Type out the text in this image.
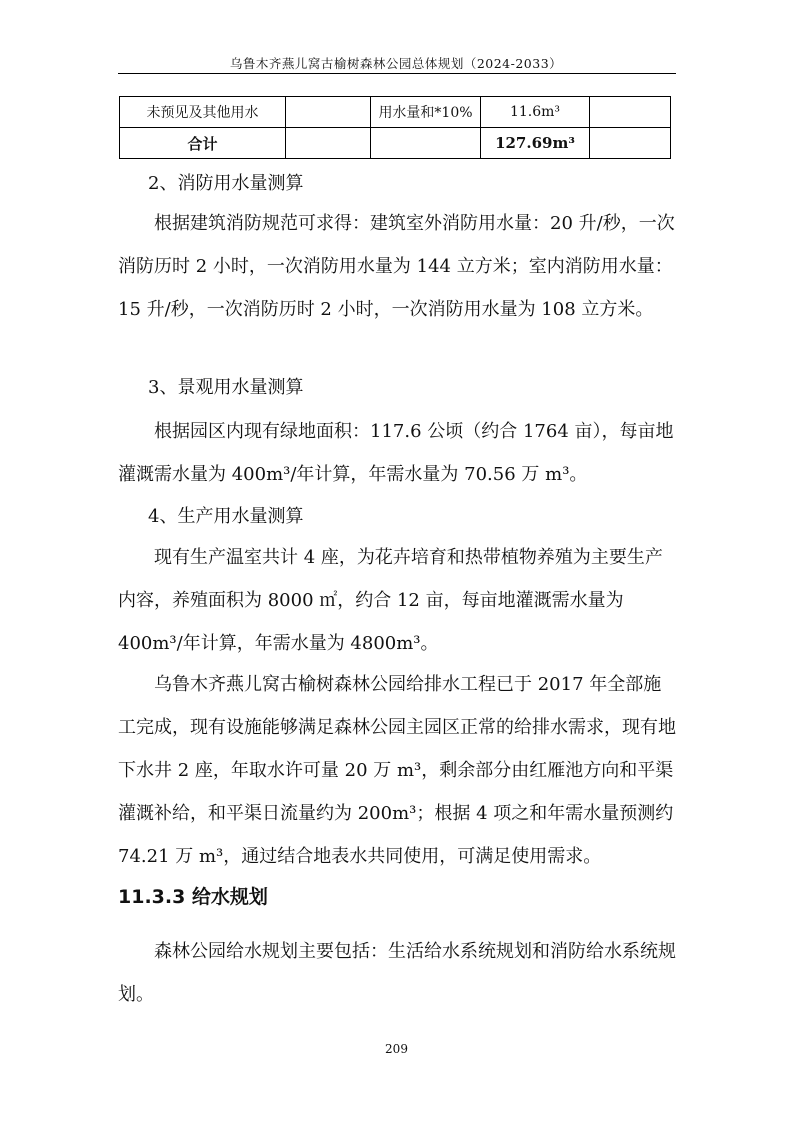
乌鲁木齐燕儿窝古榆树森林公园总体规划（2024-2033）
未预见及其他用水		用水量和*10%	11.6m³	
合计			127.69m³	
2、消防用水量测算
根据建筑消防规范可求得：建筑室外消防用水量：20 升/秒，一次消防历时 2 小时，一次消防用水量为 144 立方米；室内消防用水量：15 升/秒，一次消防历时 2 小时，一次消防用水量为 108 立方米。
3、景观用水量测算
根据园区内现有绿地面积：117.6 公顷（约合 1764 亩），每亩地灌溉需水量为 400m³/年计算，年需水量为 70.56 万 m³。
4、生产用水量测算
现有生产温室共计 4 座，为花卉培育和热带植物养殖为主要生产内容，养殖面积为 8000 ㎡，约合 12 亩，每亩地灌溉需水量为 400m³/年计算，年需水量为 4800m³。
乌鲁木齐燕儿窝古榆树森林公园给排水工程已于 2017 年全部施工完成，现有设施能够满足森林公园主园区正常的给排水需求，现有地下水井 2 座，年取水许可量 20 万 m³，剩余部分由红雁池方向和平渠灌溉补给，和平渠日流量约为 200m³；根据 4 项之和年需水量预测约 74.21 万 m³，通过结合地表水共同使用，可满足使用需求。
11.3.3 给水规划
森林公园给水规划主要包括：生活给水系统规划和消防给水系统规划。
209
